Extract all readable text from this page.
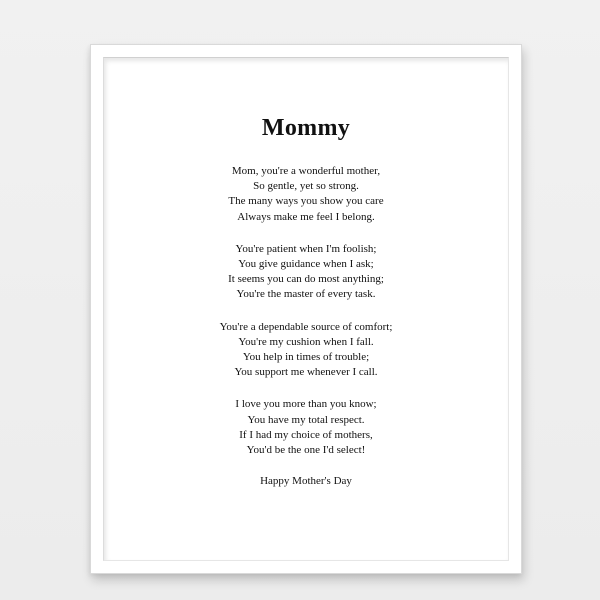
Mommy
Mom, you're a wonderful mother,
So gentle, yet so strong.
The many ways you show you care
Always make me feel I belong.
You're patient when I'm foolish;
You give guidance when I ask;
It seems you can do most anything;
You're the master of every task.
You're a dependable source of comfort;
You're my cushion when I fall.
You help in times of trouble;
You support me whenever I call.
I love you more than you know;
You have my total respect.
If I had my choice of mothers,
You'd be the one I'd select!
Happy Mother's Day
